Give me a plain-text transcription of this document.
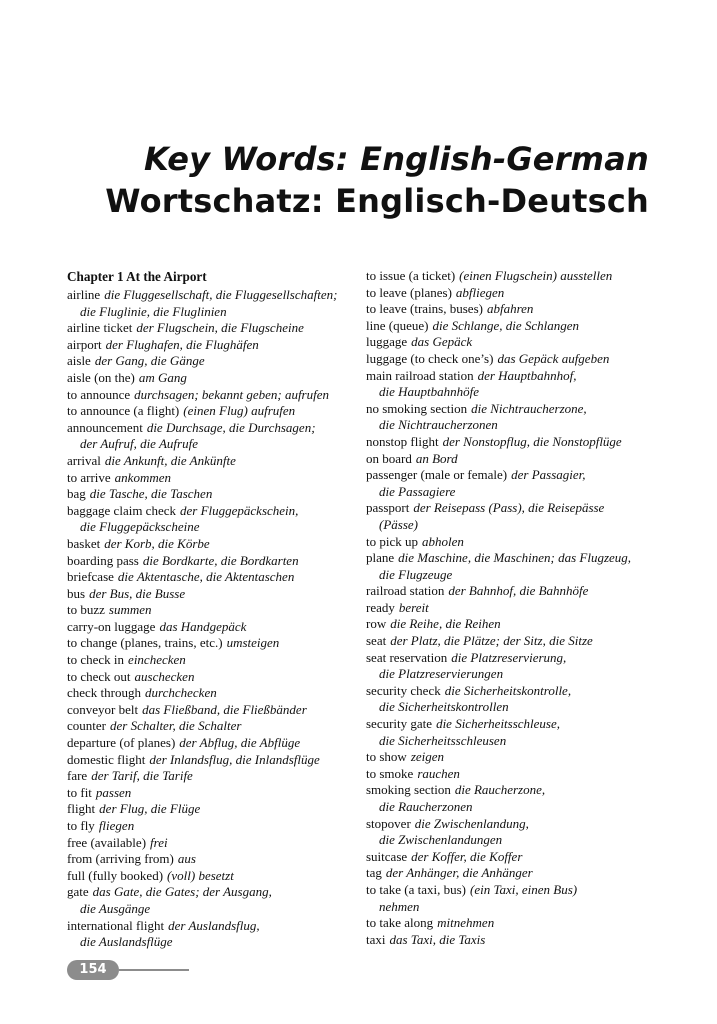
Key Words: English-German
Wortschatz: Englisch-Deutsch
Chapter 1 At the Airport
airline die Fluggesellschaft, die Fluggesellschaften;
die Fluglinie, die Fluglinien
airline ticket der Flugschein, die Flugscheine
airport der Flughafen, die Flughäfen
aisle der Gang, die Gänge
aisle (on the) am Gang
to announce durchsagen; bekannt geben; aufrufen
to announce (a flight) (einen Flug) aufrufen
announcement die Durchsage, die Durchsagen;
der Aufruf, die Aufrufe
arrival die Ankunft, die Ankünfte
to arrive ankommen
bag die Tasche, die Taschen
baggage claim check der Fluggepäckschein,
die Fluggepäckscheine
basket der Korb, die Körbe
boarding pass die Bordkarte, die Bordkarten
briefcase die Aktentasche, die Aktentaschen
bus der Bus, die Busse
to buzz summen
carry-on luggage das Handgepäck
to change (planes, trains, etc.) umsteigen
to check in einchecken
to check out auschecken
check through durchchecken
conveyor belt das Fließband, die Fließbänder
counter der Schalter, die Schalter
departure (of planes) der Abflug, die Abflüge
domestic flight der Inlandsflug, die Inlandsflüge
fare der Tarif, die Tarife
to fit passen
flight der Flug, die Flüge
to fly fliegen
free (available) frei
from (arriving from) aus
full (fully booked) (voll) besetzt
gate das Gate, die Gates; der Ausgang,
die Ausgänge
international flight der Auslandsflug,
die Auslandsflüge
to issue (a ticket) (einen Flugschein) ausstellen
to leave (planes) abfliegen
to leave (trains, buses) abfahren
line (queue) die Schlange, die Schlangen
luggage das Gepäck
luggage (to check one’s) das Gepäck aufgeben
main railroad station der Hauptbahnhof,
die Hauptbahnhöfe
no smoking section die Nichtraucherzone,
die Nichtraucherzonen
nonstop flight der Nonstopflug, die Nonstopflüge
on board an Bord
passenger (male or female) der Passagier,
die Passagiere
passport der Reisepass (Pass), die Reisepässe
(Pässe)
to pick up abholen
plane die Maschine, die Maschinen; das Flugzeug,
die Flugzeuge
railroad station der Bahnhof, die Bahnhöfe
ready bereit
row die Reihe, die Reihen
seat der Platz, die Plätze; der Sitz, die Sitze
seat reservation die Platzreservierung,
die Platzreservierungen
security check die Sicherheitskontrolle,
die Sicherheitskontrollen
security gate die Sicherheitsschleuse,
die Sicherheitsschleusen
to show zeigen
to smoke rauchen
smoking section die Raucherzone,
die Raucherzonen
stopover die Zwischenlandung,
die Zwischenlandungen
suitcase der Koffer, die Koffer
tag der Anhänger, die Anhänger
to take (a taxi, bus) (ein Taxi, einen Bus)
nehmen
to take along mitnehmen
taxi das Taxi, die Taxis
154
